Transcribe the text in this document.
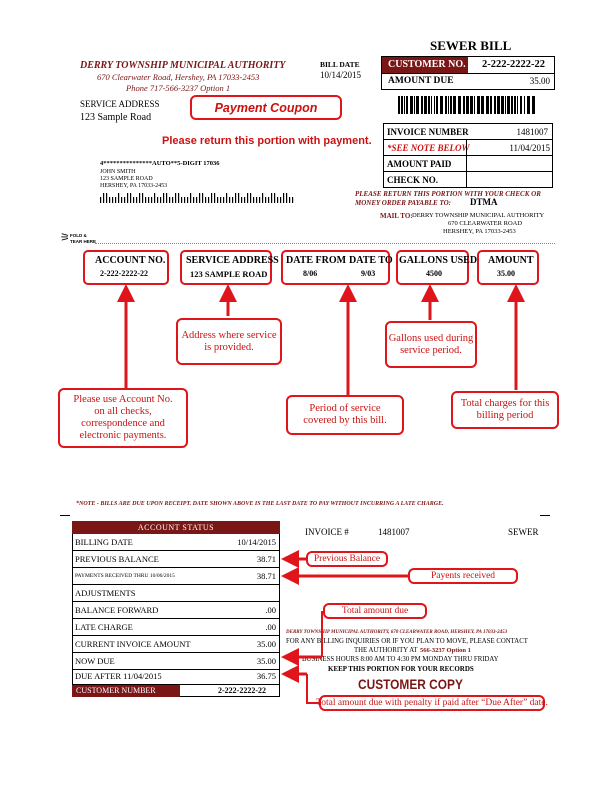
SEWER BILL
DERRY TOWNSHIP MUNICIPAL AUTHORITY
670 Clearwater Road, Hershey, PA 17033-2453
Phone 717-566-3237 Option 1
BILL DATE
10/14/2015
CUSTOMER NO. 2-222-2222-22
AMOUNT DUE	35.00
SERVICE ADDRESS
123 Sample Road
Payment Coupon
Please return this portion with payment.
INVOICE NUMBER	1481007
*SEE NOTE BELOW	11/04/2015
AMOUNT PAID
CHECK NO.
PLEASE RETURN THIS PORTION WITH YOUR CHECK OR
MONEY ORDER PAYABLE TO: DTMA
MAIL TO: DERRY TOWNSHIP MUNICIPAL AUTHORITY
670 CLEARWATER ROAD
HERSHEY, PA 17033-2453
4***************AUTO**5-DIGIT 17036
JOHN SMITH
123 SAMPLE ROAD
HERSHEY, PA 17033-2453
⚞ FOLD &
TEAR HERE
ACCOUNT NO.
2-222-2222-22
SERVICE ADDRESS
123 SAMPLE ROAD
DATE FROM DATE TO
8/06	9/03
GALLONS USED
4500
AMOUNT
35.00
Address where service is provided.
Gallons used during service period.
Please use Account No. on all checks, correspondence and electronic payments.
Period of service covered by this bill.
Total charges for this billing period
*NOTE - BILLS ARE DUE UPON RECEIPT. DATE SHOWN ABOVE IS THE LAST DATE TO PAY WITHOUT INCURRING A LATE CHARGE.
ACCOUNT STATUS
BILLING DATE	10/14/2015
PREVIOUS BALANCE	38.71
PAYMENTS RECEIVED THRU 10/06/2015	38.71
ADJUSTMENTS
BALANCE FORWARD	.00
LATE CHARGE	.00
CURRENT INVOICE AMOUNT	35.00
NOW DUE	35.00
DUE AFTER 11/04/2015	36.75
CUSTOMER NUMBER	2-222-2222-22
INVOICE #	1481007	SEWER
DERRY TOWNSHIP MUNICIPAL AUTHORITY, 670 CLEARWATER ROAD, HERSHEY, PA 17033-2453
FOR ANY BILLING INQUIRIES OR IF YOU PLAN TO MOVE, PLEASE CONTACT
THE AUTHORITY AT 566-3237 Option 1
BUSINESS HOURS 8:00 AM TO 4:30 PM MONDAY THRU FRIDAY
KEEP THIS PORTION FOR YOUR RECORDS
CUSTOMER COPY
Previous Balance
Payents received
Total amount due
Total amount due with penalty if paid after “Due After” date.
